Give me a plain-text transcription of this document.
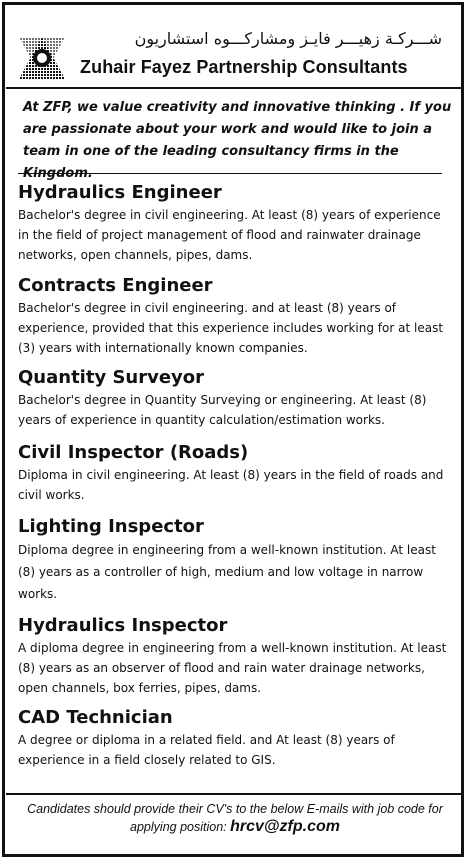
شـــركـة زهيـــر فايـز ومشاركـــوه استشاريون
Zuhair Fayez Partnership Consultants
At ZFP, we value creativity and innovative thinking . If you are passionate about your work and would like to join a team in one of the leading consultancy firms in the Kingdom.
Hydraulics Engineer

Bachelor's degree in civil engineering. At least (8) years of experience in the field of project management of flood and rainwater drainage networks, open channels, pipes, dams.

Contracts Engineer

Bachelor's degree in civil engineering. and at least (8) years of experience, provided that this experience includes working for at least (3) years with internationally known companies.

Quantity Surveyor

Bachelor's degree in Quantity Surveying or engineering. At least (8) years of experience in quantity calculation/estimation works.

Civil Inspector (Roads)

Diploma in civil engineering. At least (8) years in the field of roads and civil works.

Lighting Inspector

Diploma degree in engineering from a well-known institution. At least (8) years as a controller of high, medium and low voltage in narrow works.

Hydraulics Inspector

A diploma degree in engineering from a well-known institution. At least (8) years as an observer of flood and rain water drainage networks, open channels, box ferries, pipes, dams.

CAD Technician

A degree or diploma in a related field. and At least (8) years of experience in a field closely related to GIS.

Candidates should provide their CV's to the below E-mails with job code for
applying position: hrcv@zfp.com
